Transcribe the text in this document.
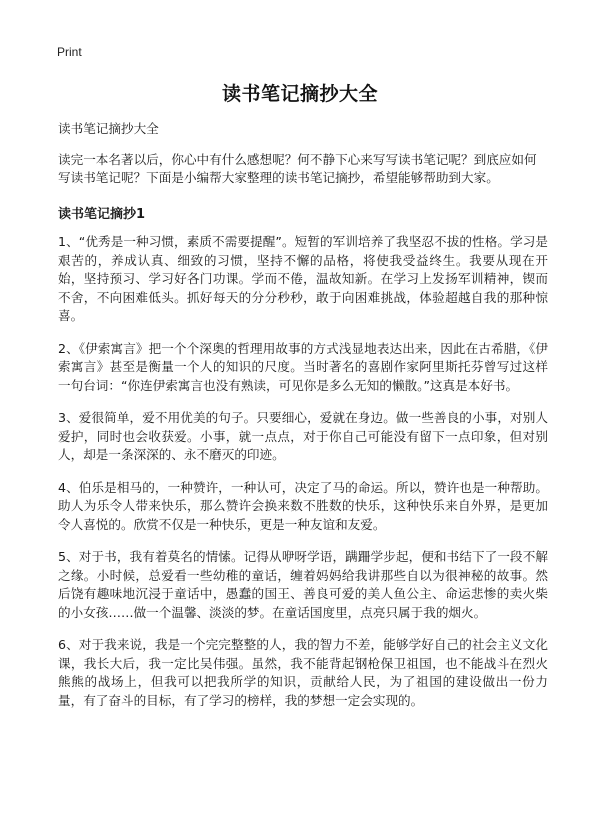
Print
读书笔记摘抄大全

读书笔记摘抄大全

读完一本名著以后，你心中有什么感想呢？何不静下心来写写读书笔记呢？到底应如何写读书笔记呢？下面是小编帮大家整理的读书笔记摘抄，希望能够帮助到大家。

读书笔记摘抄1

1、“优秀是一种习惯，素质不需要提醒”。短暂的军训培养了我坚忍不拔的性格。学习是艰苦的，养成认真、细致的习惯，坚持不懈的品格，将使我受益终生。我要从现在开始，坚持预习、学习好各门功课。学而不倦，温故知新。在学习上发扬军训精神，锲而不舍，不向困难低头。抓好每天的分分秒秒，敢于向困难挑战，体验超越自我的那种惊喜。

2、《伊索寓言》把一个个深奥的哲理用故事的方式浅显地表达出来，因此在古希腊，《伊索寓言》甚至是衡量一个人的知识的尺度。当时著名的喜剧作家阿里斯托芬曾写过这样一句台词：“你连伊索寓言也没有熟读，可见你是多么无知的懒散。”这真是本好书。

3、爱很简单，爱不用优美的句子。只要细心，爱就在身边。做一些善良的小事，对别人爱护，同时也会收获爱。小事，就一点点，对于你自己可能没有留下一点印象，但对别人，却是一条深深的、永不磨灭的印迹。

4、伯乐是相马的，一种赞许，一种认可，决定了马的命运。所以，赞许也是一种帮助。助人为乐令人带来快乐，那么赞许会换来数不胜数的快乐，这种快乐来自外界，是更加令人喜悦的。欣赏不仅是一种快乐，更是一种友谊和友爱。

5、对于书，我有着莫名的情愫。记得从咿呀学语，蹒跚学步起，便和书结下了一段不解之缘。小时候，总爱看一些幼稚的童话，缠着妈妈给我讲那些自以为很神秘的故事。然后饶有趣味地沉浸于童话中，愚蠢的国王、善良可爱的美人鱼公主、命运悲惨的卖火柴的小女孩……做一个温馨、淡淡的梦。在童话国度里，点亮只属于我的烟火。

6、对于我来说，我是一个完完整整的人，我的智力不差，能够学好自己的社会主义文化课，我长大后，我一定比吴伟强。虽然，我不能背起钢枪保卫祖国，也不能战斗在烈火熊熊的战场上，但我可以把我所学的知识，贡献给人民，为了祖国的建设做出一份力量，有了奋斗的目标，有了学习的榜样，我的梦想一定会实现的。
